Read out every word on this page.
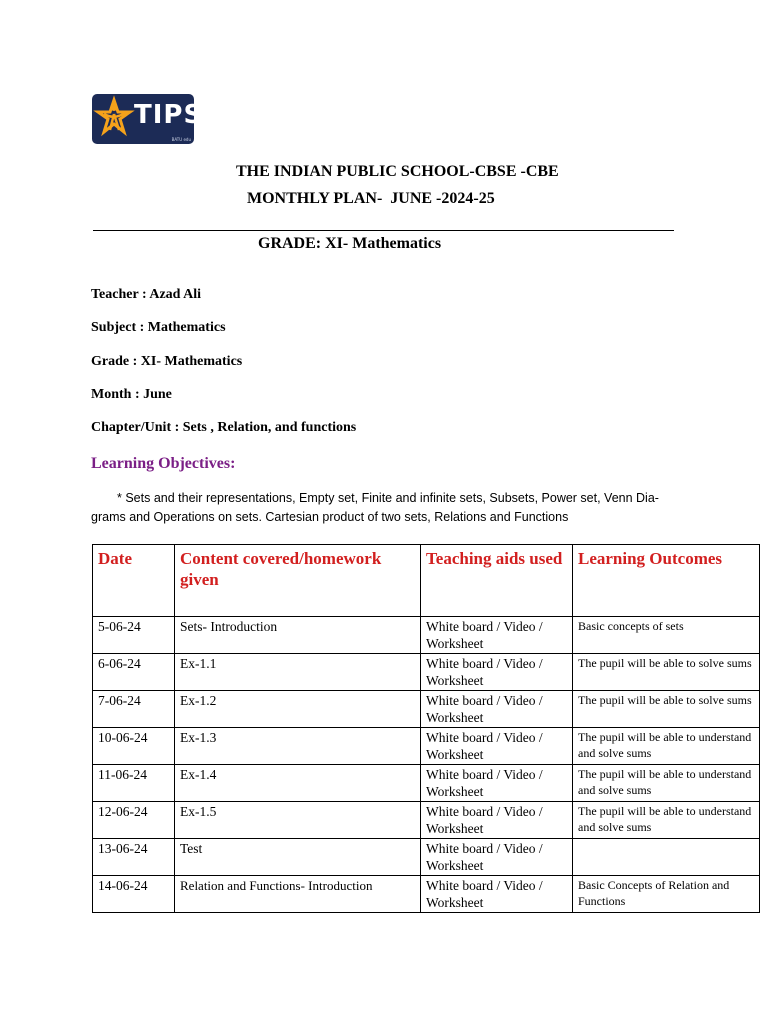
TIPS
BATU edu
THE INDIAN PUBLIC SCHOOL-CBSE -CBE
MONTHLY PLAN-  JUNE -2024-25
GRADE: XI- Mathematics
Teacher : Azad Ali
Subject : Mathematics
Grade : XI- Mathematics
Month : June
Chapter/Unit : Sets , Relation, and functions
Learning Objectives:
* Sets and their representations, Empty set, Finite and infinite sets, Subsets, Power set, Venn Dia-grams and Operations on sets. Cartesian product of two sets, Relations and Functions
Date	Content covered/homework given	Teaching aids used	Learning Outcomes
5-06-24	Sets- Introduction	White board / Video / Worksheet	Basic concepts of sets
6-06-24	Ex-1.1	White board / Video / Worksheet	The pupil will be able to solve sums
7-06-24	Ex-1.2	White board / Video / Worksheet	The pupil will be able to solve sums
10-06-24	Ex-1.3	White board / Video / Worksheet	The pupil will be able to understand and solve sums
11-06-24	Ex-1.4	White board / Video / Worksheet	The pupil will be able to understand and solve sums
12-06-24	Ex-1.5	White board / Video / Worksheet	The pupil will be able to understand and solve sums
13-06-24	Test	White board / Video / Worksheet	
14-06-24	Relation and Functions- Introduction	White board / Video / Worksheet	Basic Concepts of Relation and Functions
